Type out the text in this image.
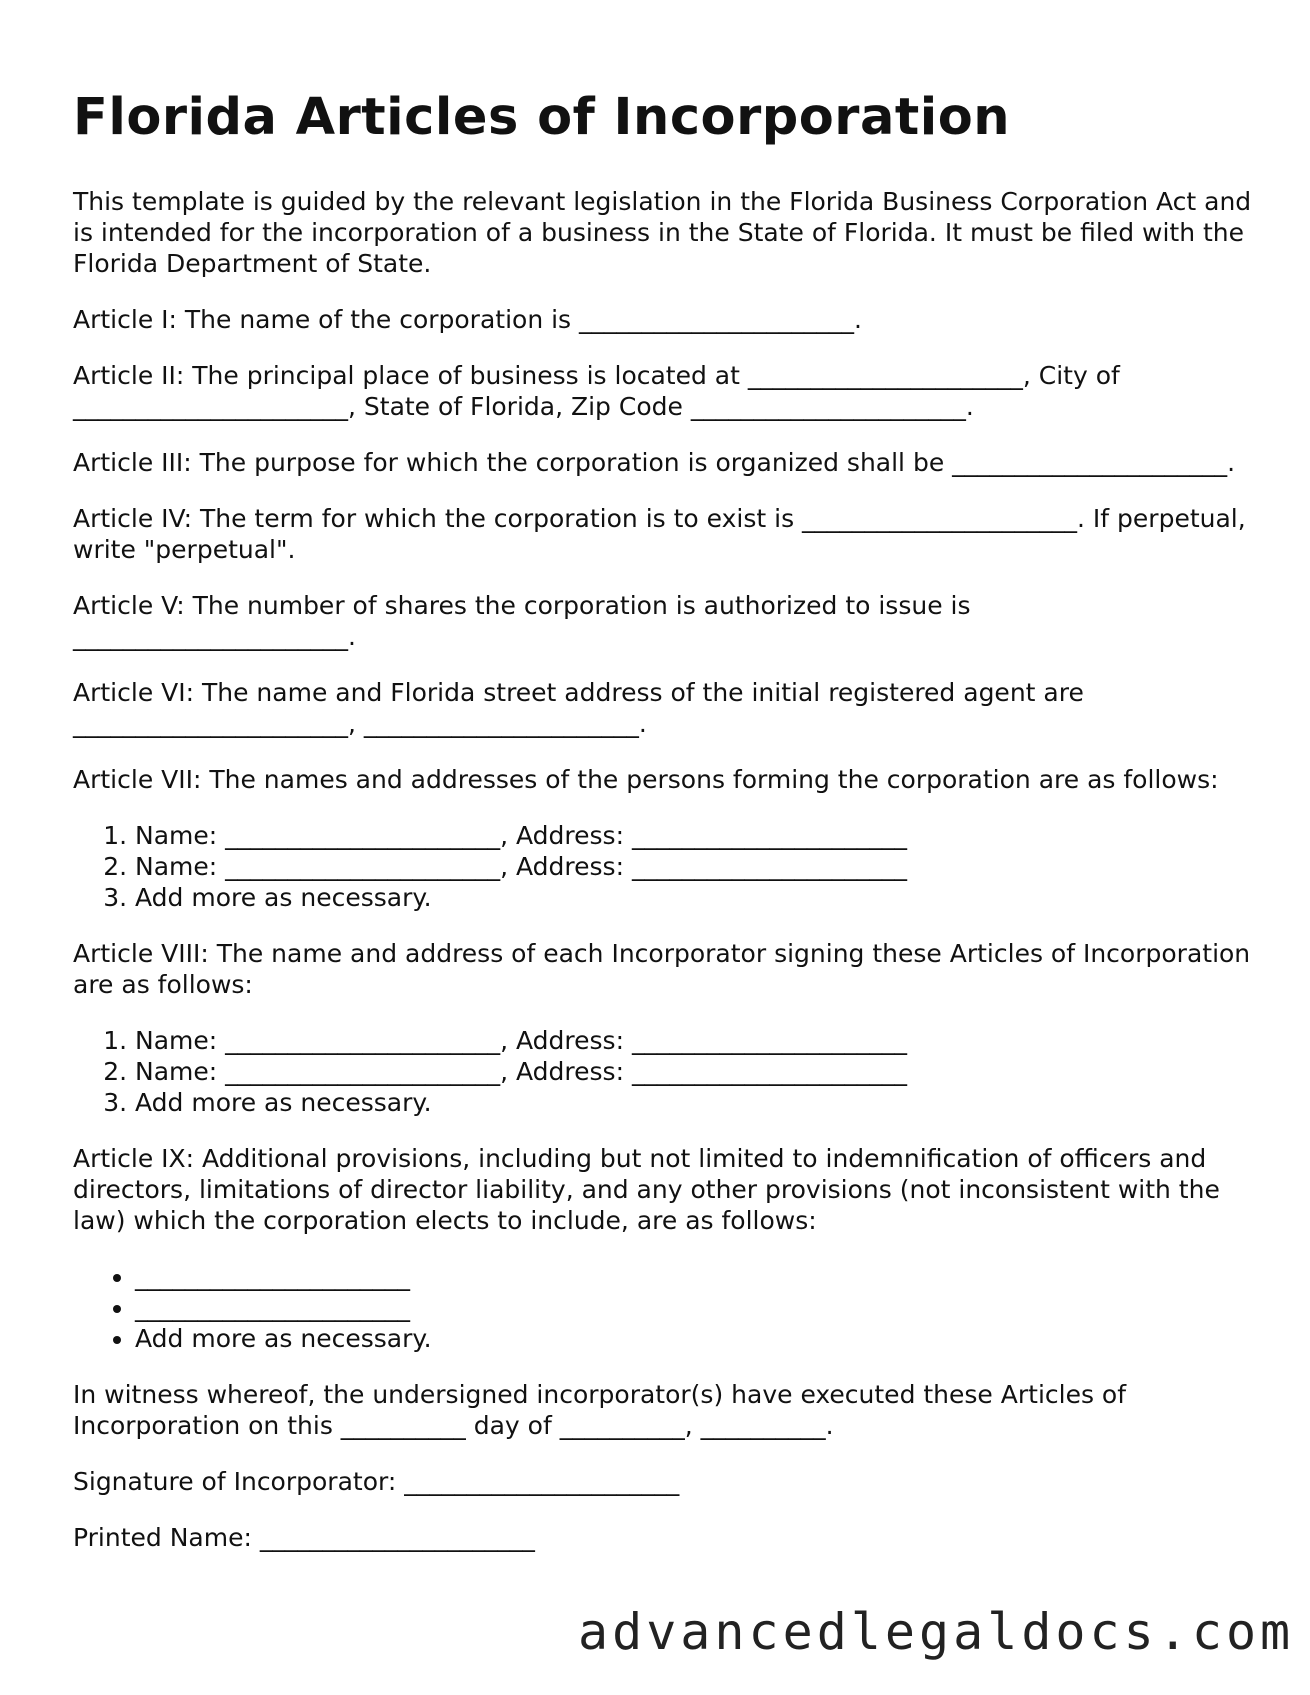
Florida Articles of Incorporation

This template is guided by the relevant legislation in the Florida Business Corporation Act and is intended for the incorporation of a business in the State of Florida. It must be filed with the Florida Department of State.

Article I: The name of the corporation is ______________________.

Article II: The principal place of business is located at ______________________, City of ______________________, State of Florida, Zip Code ______________________.

Article III: The purpose for which the corporation is organized shall be ______________________.

Article IV: The term for which the corporation is to exist is ______________________. If perpetual, write "perpetual".

Article V: The number of shares the corporation is authorized to issue is ______________________.

Article VI: The name and Florida street address of the initial registered agent are ______________________, ______________________.

Article VII: The names and addresses of the persons forming the corporation are as follows:

1. Name: ______________________, Address: ______________________
2. Name: ______________________, Address: ______________________
3. Add more as necessary.

Article VIII: The name and address of each Incorporator signing these Articles of Incorporation are as follows:

1. Name: ______________________, Address: ______________________
2. Name: ______________________, Address: ______________________
3. Add more as necessary.

Article IX: Additional provisions, including but not limited to indemnification of officers and directors, limitations of director liability, and any other provisions (not inconsistent with the law) which the corporation elects to include, are as follows:

• ______________________
• ______________________
• Add more as necessary.

In witness whereof, the undersigned incorporator(s) have executed these Articles of Incorporation on this __________ day of __________, __________.

Signature of Incorporator: ______________________

Printed Name: ______________________

advancedlegaldocs.com
